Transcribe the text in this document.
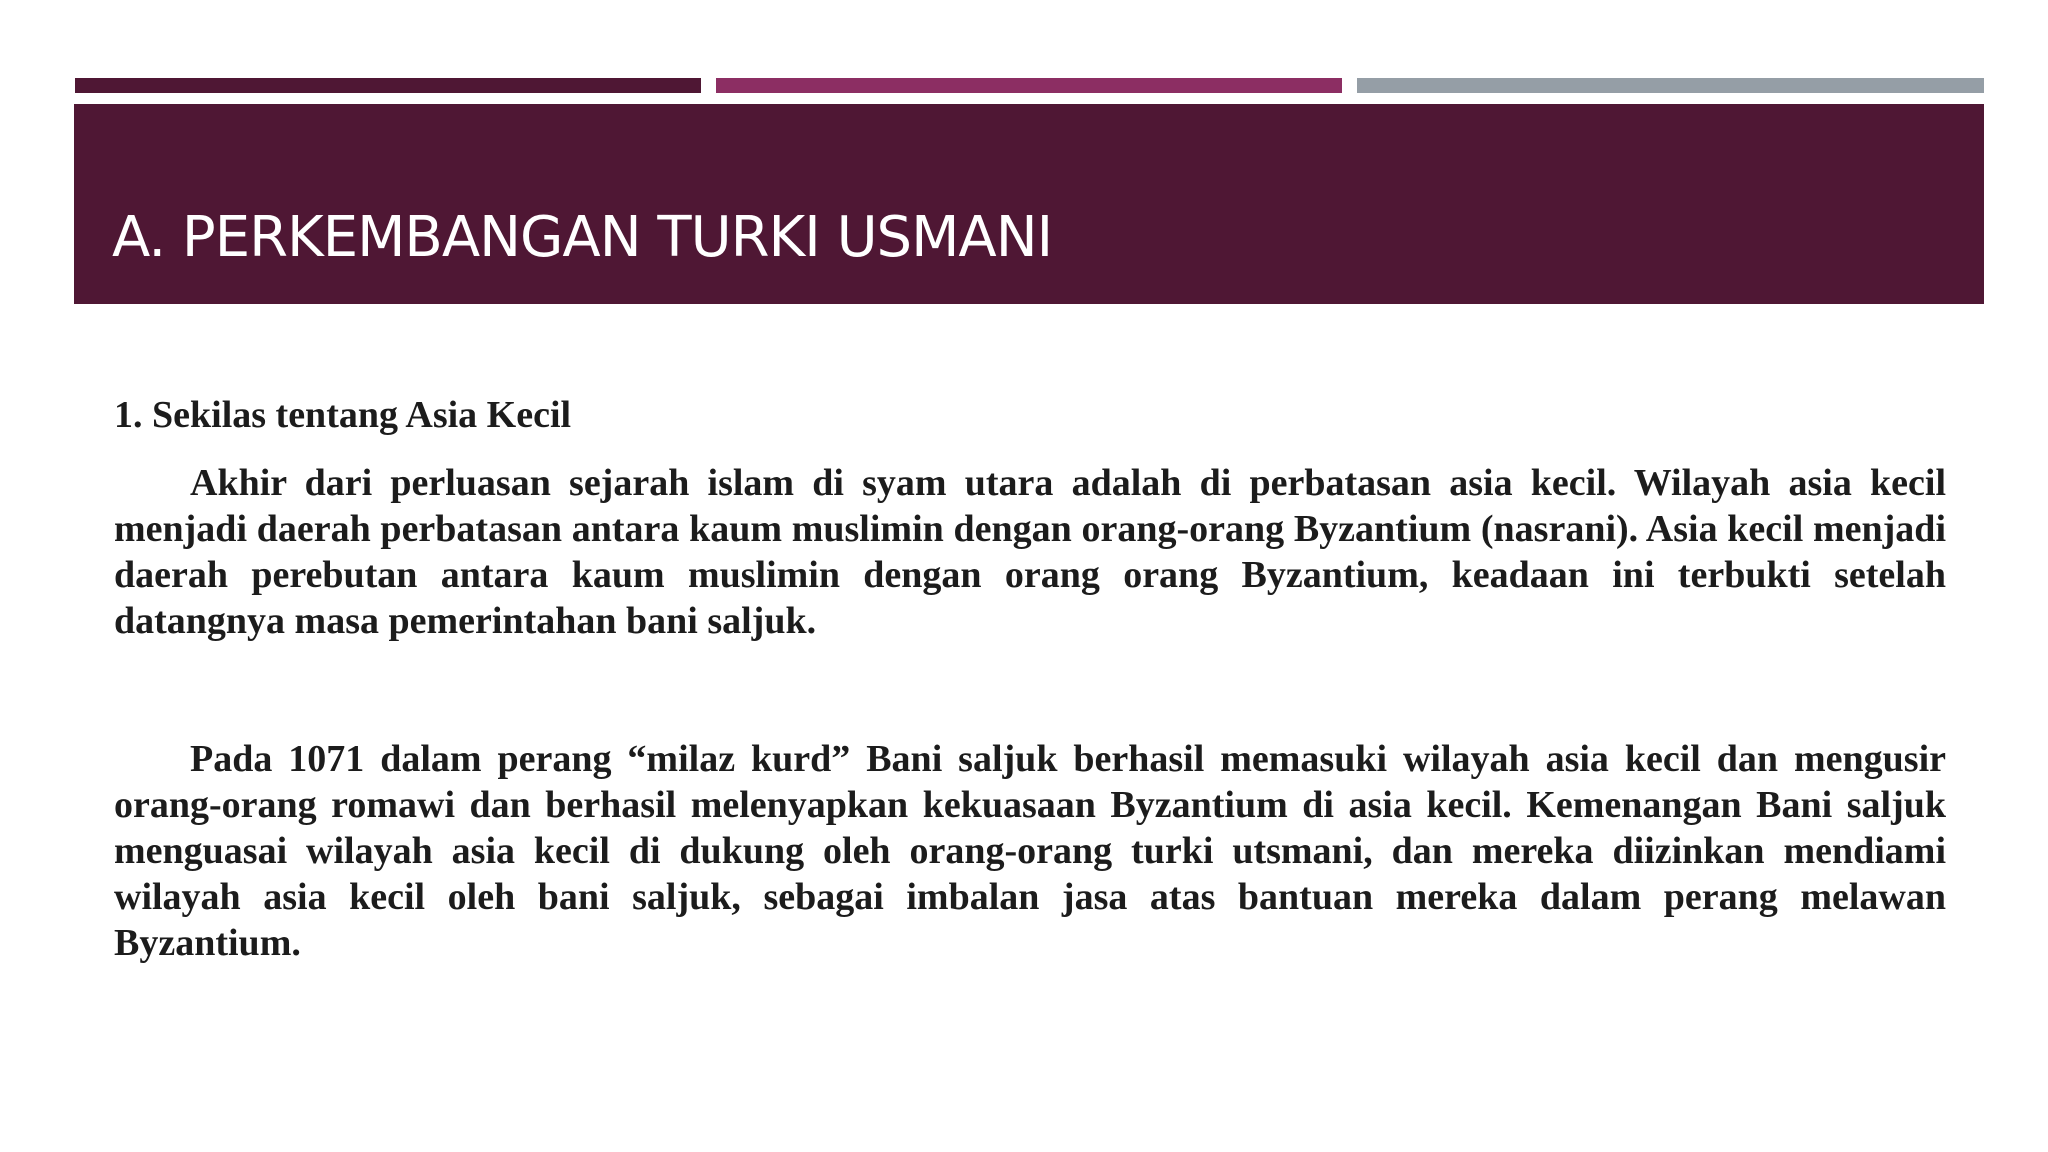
A. PERKEMBANGAN TURKI USMANI

1. Sekilas tentang Asia Kecil

Akhir dari perluasan sejarah islam di syam utara adalah di perbatasan asia kecil. Wilayah asia kecil menjadi daerah perbatasan antara kaum muslimin dengan orang-orang Byzantium (nasrani). Asia kecil menjadi daerah perebutan antara kaum muslimin dengan orang orang Byzantium, keadaan ini terbukti setelah datangnya masa pemerintahan bani saljuk.

Pada 1071 dalam perang “milaz kurd” Bani saljuk berhasil memasuki wilayah asia kecil dan mengusir orang-orang romawi dan berhasil melenyapkan kekuasaan Byzantium di asia kecil. Kemenangan Bani saljuk menguasai wilayah asia kecil di dukung oleh orang-orang turki utsmani, dan mereka diizinkan mendiami wilayah asia kecil oleh bani saljuk, sebagai imbalan jasa atas bantuan mereka dalam perang melawan Byzantium.
